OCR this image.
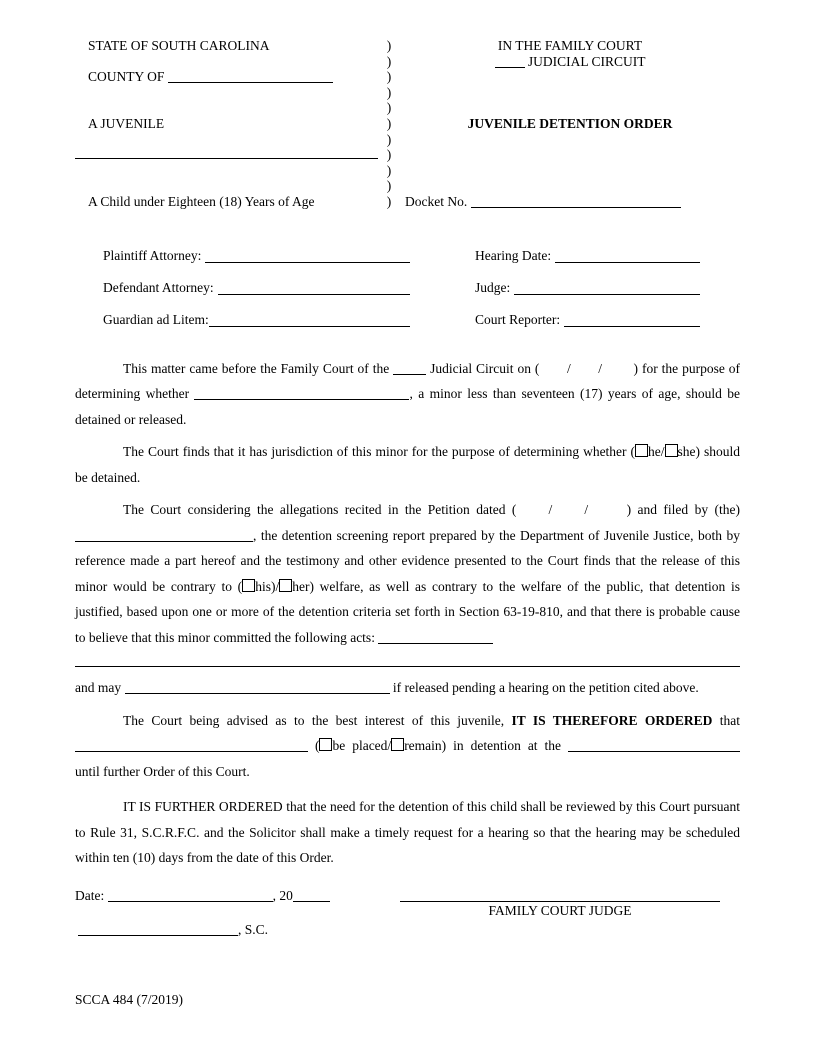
STATE OF SOUTH CAROLINA

COUNTY OF

A JUVENILE

A Child under Eighteen (18) Years of Age
)
)
)
)
)
)
)
)
)
)
)
IN THE FAMILY COURT
JUDICIAL CIRCUIT

JUVENILE DETENTION ORDER

Docket No.
Plaintiff Attorney:
Defendant Attorney:
Guardian ad Litem:
Hearing Date:
Judge:
Court Reporter:
This matter came before the Family Court of the	Judicial Circuit on (       /       /        ) for the purpose of determining whether	, a minor less than seventeen (17) years of age, should be detained or released.
The Court finds that it has jurisdiction of this minor for the purpose of determining whether ( he/ she) should be detained.
The Court considering the allegations recited in the Petition dated (     /     /      ) and filed by (the) , the detention screening report prepared by the Department of Juvenile Justice, both by reference made a part hereof and the testimony and other evidence presented to the Court finds that the release of this minor would be contrary to ( his)/ her) welfare, as well as contrary to the welfare of the public, that detention is justified, based upon one or more of the detention criteria set forth in Section 63-19-810, and that there is probable cause to believe that this minor committed the following acts:
and may	if released pending a hearing on the petition cited above.
The Court being advised as to the best interest of this juvenile, IT IS THEREFORE ORDERED that  ( be placed/ remain) in detention at the  until further Order of this Court.
IT IS FURTHER ORDERED that the need for the detention of this child shall be reviewed by this Court pursuant to Rule 31, S.C.R.F.C. and the Solicitor shall make a timely request for a hearing so that the hearing may be scheduled within ten (10) days from the date of this Order.
Date:	, 20
, S.C.
FAMILY COURT JUDGE
SCCA 484 (7/2019)
